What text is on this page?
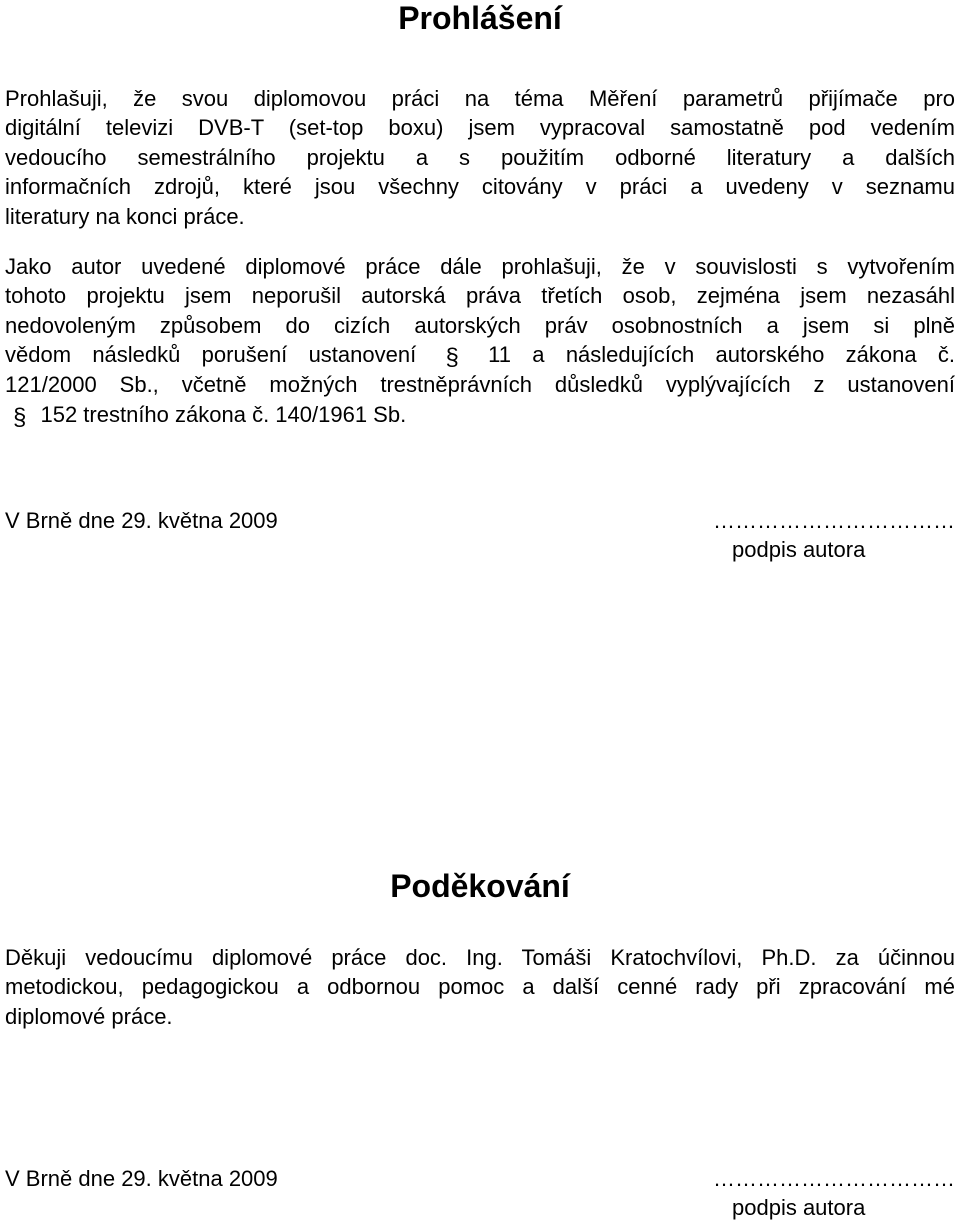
Prohlášení

Prohlašuji, že svou diplomovou práci na téma Měření parametrů přijímače pro
digitální televizi DVB-T (set-top boxu) jsem vypracoval samostatně pod vedením
vedoucího semestrálního projektu a s použitím odborné literatury a dalších
informačních zdrojů, které jsou všechny citovány v práci a uvedeny v seznamu
literatury na konci práce.

Jako autor uvedené diplomové práce dále prohlašuji, že v souvislosti s vytvořením
tohoto projektu jsem neporušil autorská práva třetích osob, zejména jsem nezasáhl
nedovoleným způsobem do cizích autorských práv osobnostních a jsem si plně
vědom následků porušení ustanovení § 11 a následujících autorského zákona č.
121/2000 Sb., včetně možných trestněprávních důsledků vyplývajících z ustanovení
§ 152 trestního zákona č. 140/1961 Sb.

V Brně dne 29. května 2009	……………………………

podpis autora

Poděkování

Děkuji vedoucímu diplomové práce doc. Ing. Tomáši Kratochvílovi, Ph.D. za účinnou
metodickou, pedagogickou a odbornou pomoc a další cenné rady při zpracování mé
diplomové práce.

V Brně dne 29. května 2009	……………………………

podpis autora
